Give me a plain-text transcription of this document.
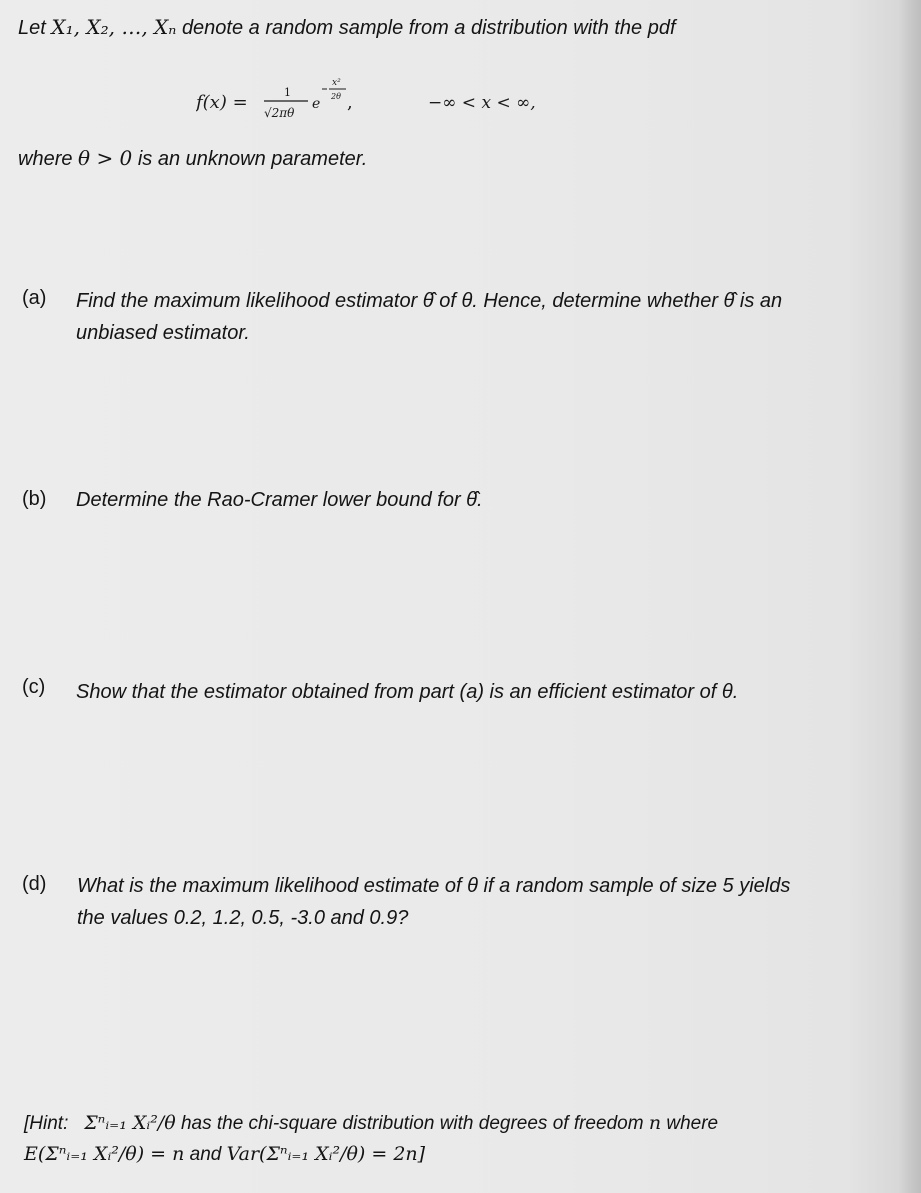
Let X₁, X₂, …, Xₙ denote a random sample from a distribution with the pdf
f(x) =	1
√2πθ
e
x²
2θ ,	−∞ < x < ∞,
where θ > 0 is an unknown parameter.
(a) Find the maximum likelihood estimator θ̂ of θ. Hence, determine whether θ̂ is an
unbiased estimator.
(b) Determine the Rao-Cramer lower bound for θ̂.
(c) Show that the estimator obtained from part (a) is an efficient estimator of θ.
(d) What is the maximum likelihood estimate of θ if a random sample of size 5 yields
the values 0.2, 1.2, 0.5, -3.0 and 0.9?
[Hint: Σⁿᵢ₌₁ Xᵢ²/θ has the chi-square distribution with degrees of freedom n where
E(Σⁿᵢ₌₁ Xᵢ²/θ) = n and Var(Σⁿᵢ₌₁ Xᵢ²/θ) = 2n]
